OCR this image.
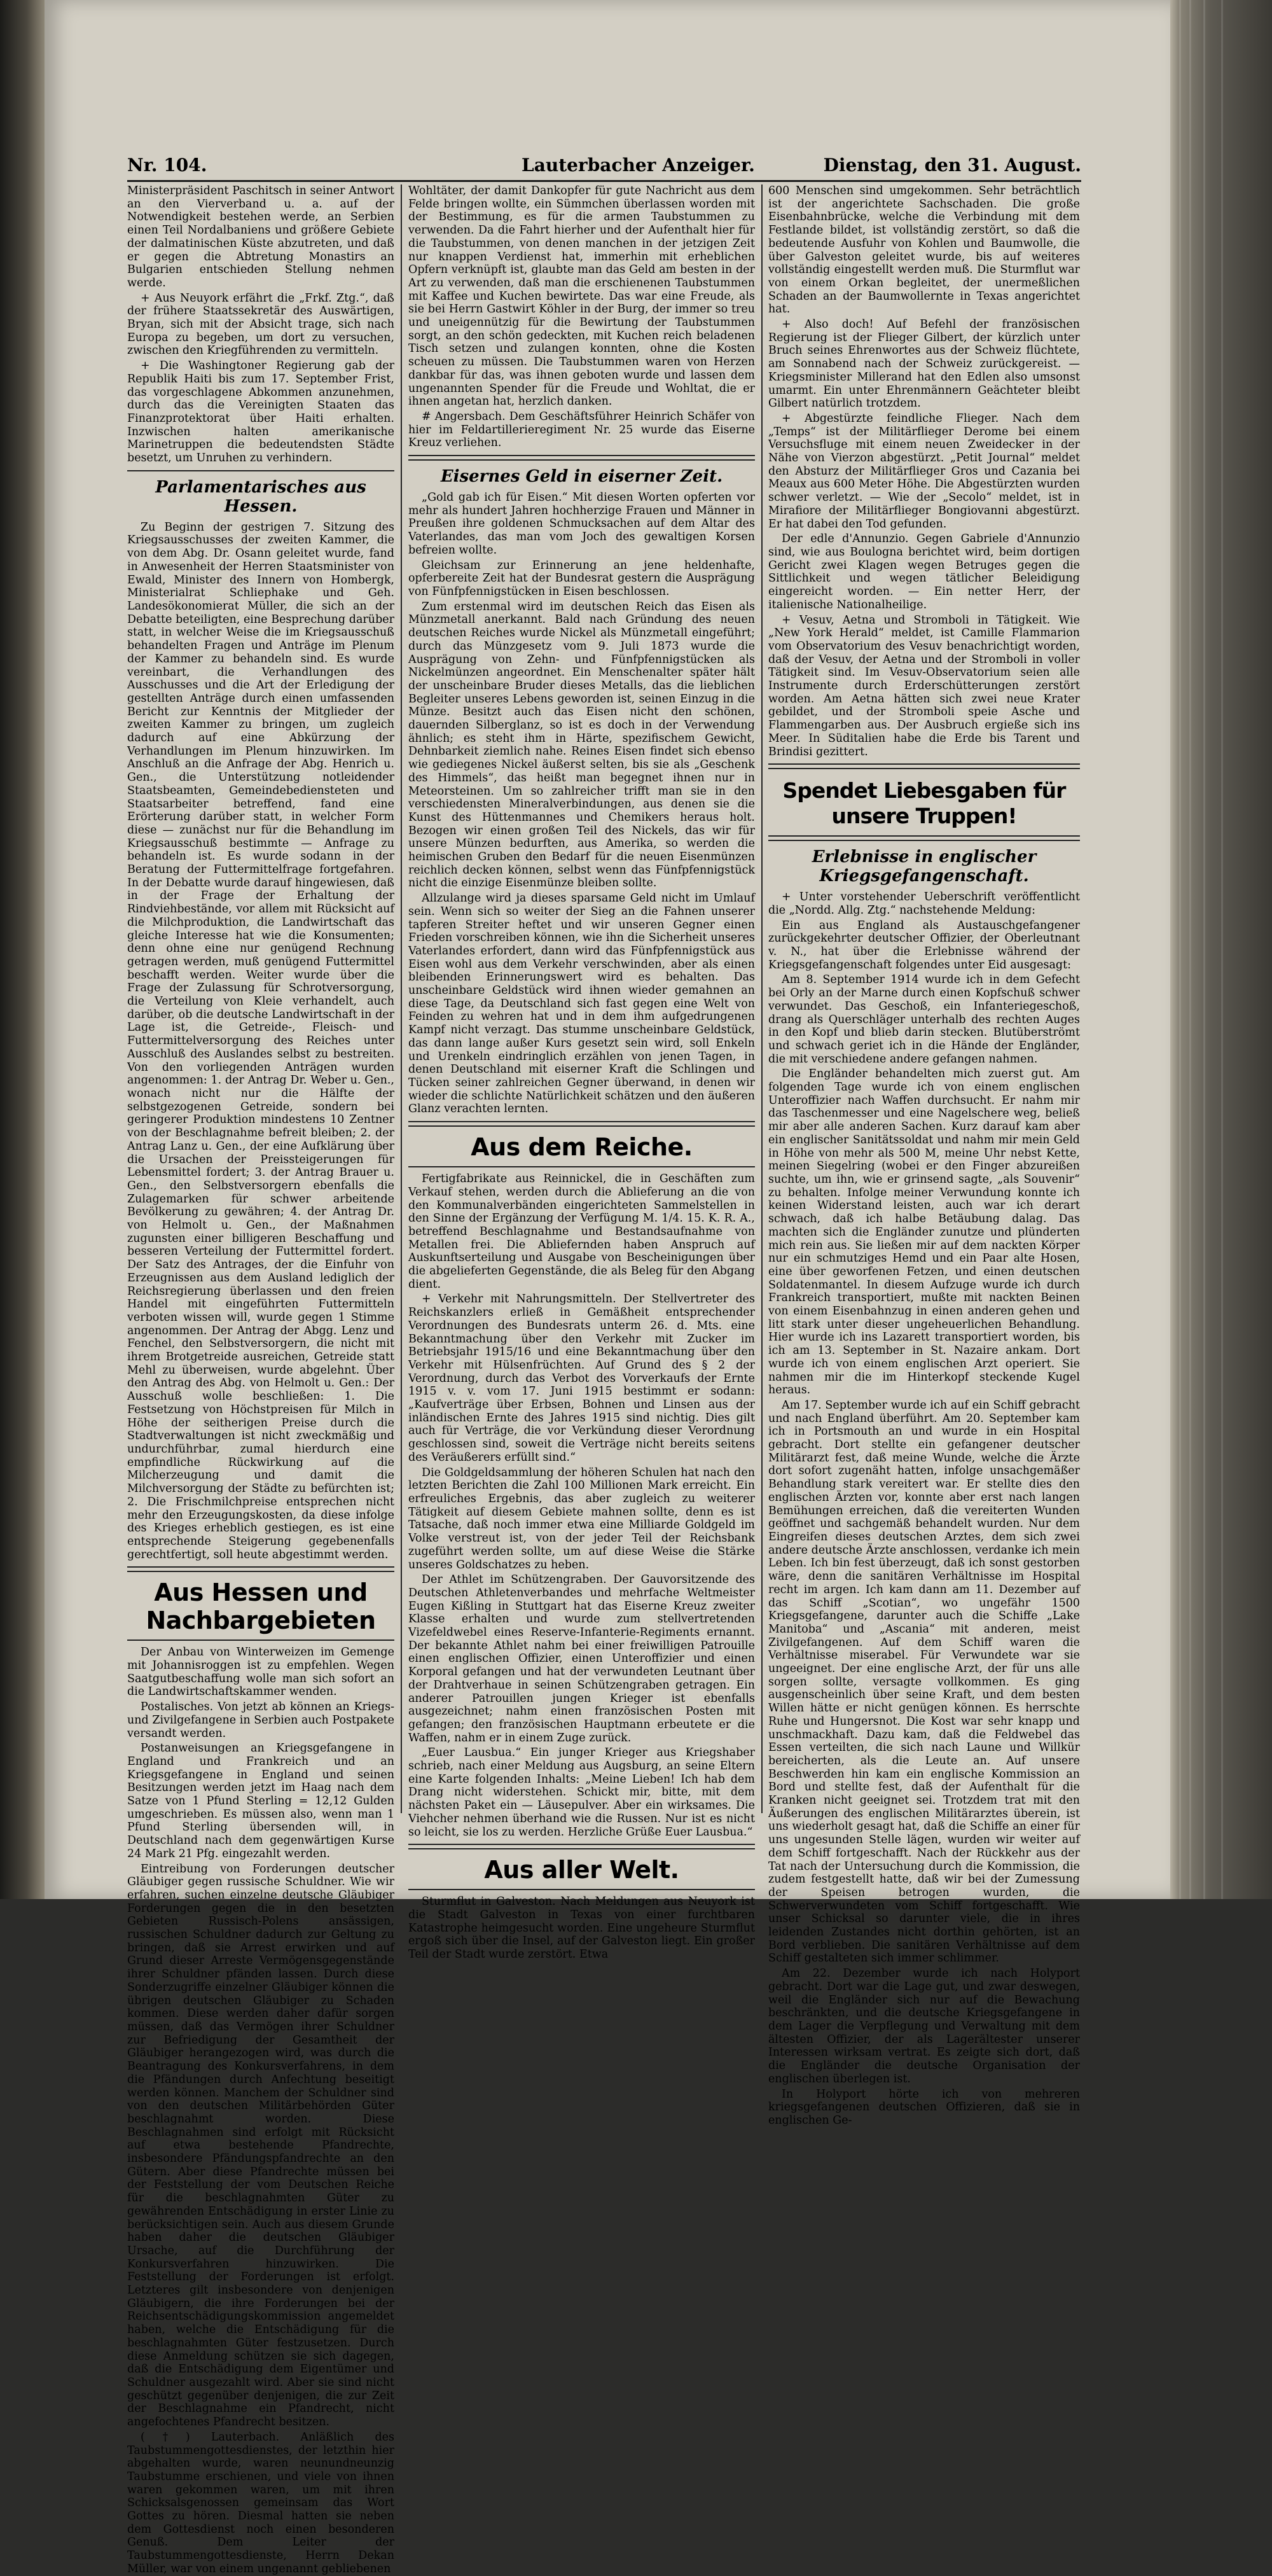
Nr. 104.	Lauterbacher Anzeiger.	Dienstag, den 31. August.

Ministerpräsident Paschitsch in seiner Antwort an den Vierverband u. a. auf der Notwendigkeit bestehen werde, an Serbien einen Teil Nordalbaniens und größere Gebiete der dalmatinischen Küste abzutreten, und daß er gegen die Abtretung Monastirs an Bulgarien entschieden Stellung nehmen werde.

+ Aus Neuyork erfährt die „Frkf. Ztg.“, daß der frühere Staatssekretär des Auswärtigen, Bryan, sich mit der Absicht trage, sich nach Europa zu begeben, um dort zu versuchen, zwischen den Kriegführenden zu vermitteln.

+ Die Washingtoner Regierung gab der Republik Haiti bis zum 17. September Frist, das vorgeschlagene Abkommen anzunehmen, durch das die Vereinigten Staaten das Finanzprotektorat über Haiti erhalten. Inzwischen halten amerikanische Marinetruppen die bedeutendsten Städte besetzt, um Unruhen zu verhindern.

Parlamentarisches aus Hessen.

Zu Beginn der gestrigen 7. Sitzung des Kriegsausschusses der zweiten Kammer, die von dem Abg. Dr. Osann geleitet wurde, fand in Anwesenheit der Herren Staatsminister von Ewald, Minister des Innern von Hombergk, Ministerialrat Schliephake und Geh. Landesökonomierat Müller, die sich an der Debatte beteiligten, eine Besprechung darüber statt, in welcher Weise die im Kriegsausschuß behandelten Fragen und Anträge im Plenum der Kammer zu behandeln sind. Es wurde vereinbart, die Verhandlungen des Ausschusses und die Art der Erledigung der gestellten Anträge durch einen umfassenden Bericht zur Kenntnis der Mitglieder der zweiten Kammer zu bringen, um zugleich dadurch auf eine Abkürzung der Verhandlungen im Plenum hinzuwirken. Im Anschluß an die Anfrage der Abg. Henrich u. Gen., die Unterstützung notleidender Staatsbeamten, Gemeindebediensteten und Staatsarbeiter betreffend, fand eine Erörterung darüber statt, in welcher Form diese — zunächst nur für die Behandlung im Kriegsausschuß bestimmte — Anfrage zu behandeln ist. Es wurde sodann in der Beratung der Futtermittelfrage fortgefahren. In der Debatte wurde darauf hingewiesen, daß in der Frage der Erhaltung der Rindviehbestände, vor allem mit Rücksicht auf die Milchproduktion, die Landwirtschaft das gleiche Interesse hat wie die Konsumenten; denn ohne eine nur genügend Rechnung getragen werden, muß genügend Futtermittel beschafft werden. Weiter wurde über die Frage der Zulassung für Schrotversorgung, die Verteilung von Kleie verhandelt, auch darüber, ob die deutsche Landwirtschaft in der Lage ist, die Getreide-, Fleisch- und Futtermittelversorgung des Reiches unter Ausschluß des Auslandes selbst zu bestreiten. Von den vorliegenden Anträgen wurden angenommen: 1. der Antrag Dr. Weber u. Gen., wonach nicht nur die Hälfte der selbstgezogenen Getreide, sondern bei geringerer Produktion mindestens 10 Zentner von der Beschlagnahme befreit bleiben; 2. der Antrag Lanz u. Gen., der eine Aufklärung über die Ursachen der Preissteigerungen für Lebensmittel fordert; 3. der Antrag Brauer u. Gen., den Selbstversorgern ebenfalls die Zulagemarken für schwer arbeitende Bevölkerung zu gewähren; 4. der Antrag Dr. von Helmolt u. Gen., der Maßnahmen zugunsten einer billigeren Beschaffung und besseren Verteilung der Futtermittel fordert. Der Satz des Antrages, der die Einfuhr von Erzeugnissen aus dem Ausland lediglich der Reichsregierung überlassen und den freien Handel mit eingeführten Futtermitteln verboten wissen will, wurde gegen 1 Stimme angenommen. Der Antrag der Abgg. Lenz und Fenchel, den Selbstversorgern, die nicht mit ihrem Brotgetreide ausreichen, Getreide statt Mehl zu überweisen, wurde abgelehnt. Über den Antrag des Abg. von Helmolt u. Gen.: Der Ausschuß wolle beschließen: 1. Die Festsetzung von Höchstpreisen für Milch in Höhe der seitherigen Preise durch die Stadtverwaltungen ist nicht zweckmäßig und undurchführbar, zumal hierdurch eine empfindliche Rückwirkung auf die Milcherzeugung und damit die Milchversorgung der Städte zu befürchten ist; 2. Die Frischmilchpreise entsprechen nicht mehr den Erzeugungskosten, da diese infolge des Krieges erheblich gestiegen, es ist eine entsprechende Steigerung gegebenenfalls gerechtfertigt, soll heute abgestimmt werden.

Aus Hessen und Nachbargebieten

Der Anbau von Winterweizen im Gemenge mit Johannisroggen ist zu empfehlen. Wegen Saatgutbeschaffung wolle man sich sofort an die Landwirtschaftskammer wenden.

Postalisches. Von jetzt ab können an Kriegs- und Zivilgefangene in Serbien auch Postpakete versandt werden.

Postanweisungen an Kriegsgefangene in England und Frankreich und an Kriegsgefangene in England und seinen Besitzungen werden jetzt im Haag nach dem Satze von 1 Pfund Sterling = 12,12 Gulden umgeschrieben. Es müssen also, wenn man 1 Pfund Sterling übersenden will, in Deutschland nach dem gegenwärtigen Kurse 24 Mark 21 Pfg. eingezahlt werden.

Eintreibung von Forderungen deutscher Gläubiger gegen russische Schuldner. Wie wir erfahren, suchen einzelne deutsche Gläubiger Forderungen gegen die in den besetzten Gebieten Russisch-Polens ansässigen, russischen Schuldner dadurch zur Geltung zu bringen, daß sie Arrest erwirken und auf Grund dieser Arreste Vermögensgegenstände ihrer Schuldner pfänden lassen. Durch diese Sonderzugriffe einzelner Gläubiger können die übrigen deutschen Gläubiger zu Schaden kommen. Diese werden daher dafür sorgen müssen, daß das Vermögen ihrer Schuldner zur Befriedigung der Gesamtheit der Gläubiger herangezogen wird, was durch die Beantragung des Konkursverfahrens, in dem die Pfändungen durch Anfechtung beseitigt werden können. Manchem der Schuldner sind von den deutschen Militärbehörden Güter beschlagnahmt worden. Diese Beschlagnahmen sind erfolgt mit Rücksicht auf etwa bestehende Pfandrechte, insbesondere Pfändungspfandrechte an den Gütern. Aber diese Pfandrechte müssen bei der Feststellung der vom Deutschen Reiche für die beschlagnahmten Güter zu gewährenden Entschädigung in erster Linie zu berücksichtigen sein. Auch aus diesem Grunde haben daher die deutschen Gläubiger Ursache, auf die Durchführung der Konkursverfahren hinzuwirken. Die Feststellung der Forderungen ist erfolgt. Letzteres gilt insbesondere von denjenigen Gläubigern, die ihre Forderungen bei der Reichsentschädigungskommission angemeldet haben, welche die Entschädigung für die beschlagnahmten Güter festzusetzen. Durch diese Anmeldung schützen sie sich dagegen, daß die Entschädigung dem Eigentümer und Schuldner ausgezahlt wird. Aber sie sind nicht geschützt gegenüber denjenigen, die zur Zeit der Beschlagnahme ein Pfandrecht, nicht angefochtenes Pfandrecht besitzen.

(†) Lauterbach. Anläßlich des Taubstummengottesdienstes, der letzthin hier abgehalten wurde, waren neunundneunzig Taubstumme erschienen, und viele von ihnen waren gekommen waren, um mit ihren Schicksalsgenossen gemeinsam das Wort Gottes zu hören. Diesmal hatten sie neben dem Gottesdienst noch einen besonderen Genuß. Dem Leiter der Taubstummengottesdienste, Herrn Dekan Müller, war von einem ungenannt gebliebenen

Wohltäter, der damit Dankopfer für gute Nachricht aus dem Felde bringen wollte, ein Sümmchen überlassen worden mit der Bestimmung, es für die armen Taubstummen zu verwenden. Da die Fahrt hierher und der Aufenthalt hier für die Taubstummen, von denen manchen in der jetzigen Zeit nur knappen Verdienst hat, immerhin mit erheblichen Opfern verknüpft ist, glaubte man das Geld am besten in der Art zu verwenden, daß man die erschienenen Taubstummen mit Kaffee und Kuchen bewirtete. Das war eine Freude, als sie bei Herrn Gastwirt Köhler in der Burg, der immer so treu und uneigennützig für die Bewirtung der Taubstummen sorgt, an den schön gedeckten, mit Kuchen reich beladenen Tisch setzen und zulangen konnten, ohne die Kosten scheuen zu müssen. Die Taubstummen waren von Herzen dankbar für das, was ihnen geboten wurde und lassen dem ungenannten Spender für die Freude und Wohltat, die er ihnen angetan hat, herzlich danken.

# Angersbach. Dem Geschäftsführer Heinrich Schäfer von hier im Feldartillerieregiment Nr. 25 wurde das Eiserne Kreuz verliehen.

Eisernes Geld in eiserner Zeit.

„Gold gab ich für Eisen.“ Mit diesen Worten opferten vor mehr als hundert Jahren hochherzige Frauen und Männer in Preußen ihre goldenen Schmucksachen auf dem Altar des Vaterlandes, das man vom Joch des gewaltigen Korsen befreien wollte.

Gleichsam zur Erinnerung an jene heldenhafte, opferbereite Zeit hat der Bundesrat gestern die Ausprägung von Fünfpfennigstücken in Eisen beschlossen.

Zum erstenmal wird im deutschen Reich das Eisen als Münzmetall anerkannt. Bald nach Gründung des neuen deutschen Reiches wurde Nickel als Münzmetall eingeführt; durch das Münzgesetz vom 9. Juli 1873 wurde die Ausprägung von Zehn- und Fünfpfennigstücken als Nickelmünzen angeordnet. Ein Menschenalter später hält der unscheinbare Bruder dieses Metalls, das die lieblichen Begleiter unseres Lebens geworden ist, seinen Einzug in die Münze. Besitzt auch das Eisen nicht den schönen, dauernden Silberglanz, so ist es doch in der Verwendung ähnlich; es steht ihm in Härte, spezifischem Gewicht, Dehnbarkeit ziemlich nahe. Reines Eisen findet sich ebenso wie gediegenes Nickel äußerst selten, bis sie als „Geschenk des Himmels“, das heißt man begegnet ihnen nur in Meteorsteinen. Um so zahlreicher trifft man sie in den verschiedensten Mineralverbindungen, aus denen sie die Kunst des Hüttenmannes und Chemikers heraus holt. Bezogen wir einen großen Teil des Nickels, das wir für unsere Münzen bedurften, aus Amerika, so werden die heimischen Gruben den Bedarf für die neuen Eisenmünzen reichlich decken können, selbst wenn das Fünfpfennigstück nicht die einzige Eisenmünze bleiben sollte.

Allzulange wird ja dieses sparsame Geld nicht im Umlauf sein. Wenn sich so weiter der Sieg an die Fahnen unserer tapferen Streiter heftet und wir unseren Gegner einen Frieden vorschreiben können, wie ihn die Sicherheit unseres Vaterlandes erfordert, dann wird das Fünfpfennigstück aus Eisen wohl aus dem Verkehr verschwinden, aber als einen bleibenden Erinnerungswert wird es behalten. Das unscheinbare Geldstück wird ihnen wieder gemahnen an diese Tage, da Deutschland sich fast gegen eine Welt von Feinden zu wehren hat und in dem ihm aufgedrungenen Kampf nicht verzagt. Das stumme unscheinbare Geldstück, das dann lange außer Kurs gesetzt sein wird, soll Enkeln und Urenkeln eindringlich erzählen von jenen Tagen, in denen Deutschland mit eiserner Kraft die Schlingen und Tücken seiner zahlreichen Gegner überwand, in denen wir wieder die schlichte Natürlichkeit schätzen und den äußeren Glanz verachten lernten.

Aus dem Reiche.

Fertigfabrikate aus Reinnickel, die in Geschäften zum Verkauf stehen, werden durch die Ablieferung an die von den Kommunalverbänden eingerichteten Sammelstellen in den Sinne der Ergänzung der Verfügung M. 1/4. 15. K. R. A., betreffend Beschlagnahme und Bestandsaufnahme von Metallen frei. Die Abliefernden haben Anspruch auf Auskunftserteilung und Ausgabe von Bescheinigungen über die abgelieferten Gegenstände, die als Beleg für den Abgang dient.

+ Verkehr mit Nahrungsmitteln. Der Stellvertreter des Reichskanzlers erließ in Gemäßheit entsprechender Verordnungen des Bundesrats unterm 26. d. Mts. eine Bekanntmachung über den Verkehr mit Zucker im Betriebsjahr 1915/16 und eine Bekanntmachung über den Verkehr mit Hülsenfrüchten. Auf Grund des § 2 der Verordnung, durch das Verbot des Vorverkaufs der Ernte 1915 v. v. vom 17. Juni 1915 bestimmt er sodann: „Kaufverträge über Erbsen, Bohnen und Linsen aus der inländischen Ernte des Jahres 1915 sind nichtig. Dies gilt auch für Verträge, die vor Verkündung dieser Verordnung geschlossen sind, soweit die Verträge nicht bereits seitens des Veräußerers erfüllt sind.“

Die Goldgeldsammlung der höheren Schulen hat nach den letzten Berichten die Zahl 100 Millionen Mark erreicht. Ein erfreuliches Ergebnis, das aber zugleich zu weiterer Tätigkeit auf diesem Gebiete mahnen sollte, denn es ist Tatsache, daß noch immer etwa eine Milliarde Goldgeld im Volke verstreut ist, von der jeder Teil der Reichsbank zugeführt werden sollte, um auf diese Weise die Stärke unseres Goldschatzes zu heben.

Der Athlet im Schützengraben. Der Gauvorsitzende des Deutschen Athletenverbandes und mehrfache Weltmeister Eugen Kißling in Stuttgart hat das Eiserne Kreuz zweiter Klasse erhalten und wurde zum stellvertretenden Vizefeldwebel eines Reserve-Infanterie-Regiments ernannt. Der bekannte Athlet nahm bei einer freiwilligen Patrouille einen englischen Offizier, einen Unteroffizier und einen Korporal gefangen und hat der verwundeten Leutnant über der Drahtverhaue in seinen Schützengraben getragen. Ein anderer Patrouillen jungen Krieger ist ebenfalls ausgezeichnet; nahm einen französischen Posten mit gefangen; den französischen Hauptmann erbeutete er die Waffen, nahm er in einem Zuge zurück.

„Euer Lausbua.“ Ein junger Krieger aus Kriegshaber schrieb, nach einer Meldung aus Augsburg, an seine Eltern eine Karte folgenden Inhalts: „Meine Lieben! Ich hab dem Drang nicht widerstehen. Schickt mir, bitte, mit dem nächsten Paket ein — Läusepulver. Aber ein wirksames. Die Viehcher nehmen überhand wie die Russen. Nur ist es nicht so leicht, sie los zu werden. Herzliche Grüße Euer Lausbua.“

Aus aller Welt.

Sturmflut in Galveston. Nach Meldungen aus Neuyork ist die Stadt Galveston in Texas von einer furchtbaren Katastrophe heimgesucht worden. Eine ungeheure Sturmflut ergoß sich über die Insel, auf der Galveston liegt. Ein großer Teil der Stadt wurde zerstört. Etwa

600 Menschen sind umgekommen. Sehr beträchtlich ist der angerichtete Sachschaden. Die große Eisenbahnbrücke, welche die Verbindung mit dem Festlande bildet, ist vollständig zerstört, so daß die bedeutende Ausfuhr von Kohlen und Baumwolle, die über Galveston geleitet wurde, bis auf weiteres vollständig eingestellt werden muß. Die Sturmflut war von einem Orkan begleitet, der unermeßlichen Schaden an der Baumwollernte in Texas angerichtet hat.

+ Also doch! Auf Befehl der französischen Regierung ist der Flieger Gilbert, der kürzlich unter Bruch seines Ehrenwortes aus der Schweiz flüchtete, am Sonnabend nach der Schweiz zurückgereist. — Kriegsminister Millerand hat den Edlen also umsonst umarmt. Ein unter Ehrenmännern Geächteter bleibt Gilbert natürlich trotzdem.

+ Abgestürzte feindliche Flieger. Nach dem „Temps“ ist der Militärflieger Derome bei einem Versuchsfluge mit einem neuen Zweidecker in der Nähe von Vierzon abgestürzt. „Petit Journal“ meldet den Absturz der Militärflieger Gros und Cazania bei Meaux aus 600 Meter Höhe. Die Abgestürzten wurden schwer verletzt. — Wie der „Secolo“ meldet, ist in Mirafiore der Militärflieger Bongiovanni abgestürzt. Er hat dabei den Tod gefunden.

Der edle d'Annunzio. Gegen Gabriele d'Annunzio sind, wie aus Boulogna berichtet wird, beim dortigen Gericht zwei Klagen wegen Betruges gegen die Sittlichkeit und wegen tätlicher Beleidigung eingereicht worden. — Ein netter Herr, der italienische Nationalheilige.

+ Vesuv, Aetna und Stromboli in Tätigkeit. Wie „New York Herald“ meldet, ist Camille Flammarion vom Observatorium des Vesuv benachrichtigt worden, daß der Vesuv, der Aetna und der Stromboli in voller Tätigkeit sind. Im Vesuv-Observatorium seien alle Instrumente durch Erderschütterungen zerstört worden. Am Aetna hätten sich zwei neue Krater gebildet, und der Stromboli speie Asche und Flammengarben aus. Der Ausbruch ergieße sich ins Meer. In Süditalien habe die Erde bis Tarent und Brindisi gezittert.

Spendet Liebesgaben für unsere Truppen!
Erlebnisse in englischer Kriegsgefangenschaft.

+ Unter vorstehender Ueberschrift veröffentlicht die „Nordd. Allg. Ztg.“ nachstehende Meldung:

Ein aus England als Austauschgefangener zurückgekehrter deutscher Offizier, der Oberleutnant v. N., hat über die Erlebnisse während der Kriegsgefangenschaft folgendes unter Eid ausgesagt:

Am 8. September 1914 wurde ich in dem Gefecht bei Orly an der Marne durch einen Kopfschuß schwer verwundet. Das Geschoß, ein Infanteriegeschoß, drang als Querschläger unterhalb des rechten Auges in den Kopf und blieb darin stecken. Blutüberströmt und schwach geriet ich in die Hände der Engländer, die mit verschiedene andere gefangen nahmen.

Die Engländer behandelten mich zuerst gut. Am folgenden Tage wurde ich von einem englischen Unteroffizier nach Waffen durchsucht. Er nahm mir das Taschenmesser und eine Nagelschere weg, beließ mir aber alle anderen Sachen. Kurz darauf kam aber ein englischer Sanitätssoldat und nahm mir mein Geld in Höhe von mehr als 500 M, meine Uhr nebst Kette, meinen Siegelring (wobei er den Finger abzureißen suchte, um ihn, wie er grinsend sagte, „als Souvenir“ zu behalten. Infolge meiner Verwundung konnte ich keinen Widerstand leisten, auch war ich derart schwach, daß ich halbe Betäubung dalag. Das machten sich die Engländer zunutze und plünderten mich rein aus. Sie ließen mir auf dem nackten Körper nur ein schmutziges Hemd und ein Paar alte Hosen, eine über geworfenen Fetzen, und einen deutschen Soldatenmantel. In diesem Aufzuge wurde ich durch Frankreich transportiert, mußte mit nackten Beinen von einem Eisenbahnzug in einen anderen gehen und litt stark unter dieser ungeheuerlichen Behandlung. Hier wurde ich ins Lazarett transportiert worden, bis ich am 13. September in St. Nazaire ankam. Dort wurde ich von einem englischen Arzt operiert. Sie nahmen mir die im Hinterkopf steckende Kugel heraus.

Am 17. September wurde ich auf ein Schiff gebracht und nach England überführt. Am 20. September kam ich in Portsmouth an und wurde in ein Hospital gebracht. Dort stellte ein gefangener deutscher Militärarzt fest, daß meine Wunde, welche die Ärzte dort sofort zugenäht hatten, infolge unsachgemäßer Behandlung stark vereitert war. Er stellte dies den englischen Ärzten vor, konnte aber erst nach langen Bemühungen erreichen, daß die vereiterten Wunden geöffnet und sachgemäß behandelt wurden. Nur dem Eingreifen dieses deutschen Arztes, dem sich zwei andere deutsche Ärzte anschlossen, verdanke ich mein Leben. Ich bin fest überzeugt, daß ich sonst gestorben wäre, denn die sanitären Verhältnisse im Hospital recht im argen. Ich kam dann am 11. Dezember auf das Schiff „Scotian“, wo ungefähr 1500 Kriegsgefangene, darunter auch die Schiffe „Lake Manitoba“ und „Ascania“ mit anderen, meist Zivilgefangenen. Auf dem Schiff waren die Verhältnisse miserabel. Für Verwundete war sie ungeeignet. Der eine englische Arzt, der für uns alle sorgen sollte, versagte vollkommen. Es ging ausgenscheinlich über seine Kraft, und dem besten Willen hätte er nicht genügen können. Es herrschte Ruhe und Hungersnot. Die Kost war sehr knapp und unschmackhaft. Dazu kam, daß die Feldwebel das Essen verteilten, die sich nach Laune und Willkür bereicherten, als die Leute an. Auf unsere Beschwerden hin kam ein englische Kommission an Bord und stellte fest, daß der Aufenthalt für die Kranken nicht geeignet sei. Trotzdem trat mit den Äußerungen des englischen Militärarztes überein, ist uns wiederholt gesagt hat, daß die Schiffe an einer für uns ungesunden Stelle lägen, wurden wir weiter auf dem Schiff fortgeschafft. Nach der Rückkehr aus der Tat nach der Untersuchung durch die Kommission, die zudem festgestellt hatte, daß wir bei der Zumessung der Speisen betrogen wurden, die Schwerverwundeten vom Schiff fortgeschafft. Wie unser Schicksal so darunter viele, die in ihres leidenden Zustandes nicht dorthin gehörten, ist an Bord verblieben. Die sanitären Verhältnisse auf dem Schiff gestalteten sich immer schlimmer.

Am 22. Dezember wurde ich nach Holyport gebracht. Dort war die Lage gut, und zwar deswegen, weil die Engländer sich nur auf die Bewachung beschränkten, und die deutsche Kriegsgefangene in dem Lager die Verpflegung und Verwaltung mit dem ältesten Offizier, der als Lagerältester unserer Interessen wirksam vertrat. Es zeigte sich dort, daß die Engländer die deutsche Organisation der englischen überlegen ist.

In Holyport hörte ich von mehreren kriegsgefangenen deutschen Offizieren, daß sie in englischen Ge-
